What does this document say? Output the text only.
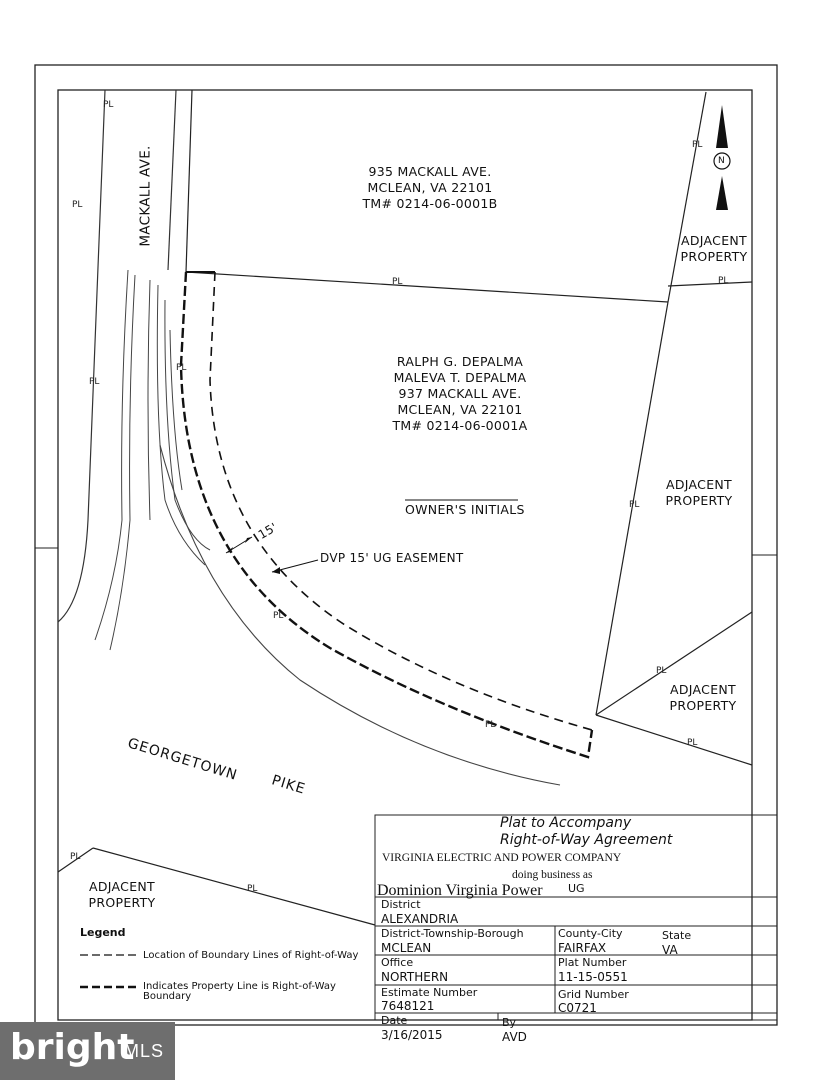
935 MACKALL AVE.
MCLEAN, VA 22101
TM# 0214-06-0001B
RALPH G. DEPALMA
MALEVA T. DEPALMA
937 MACKALL AVE.
MCLEAN, VA 22101
TM# 0214-06-0001A
OWNER'S INITIALS
ADJACENT
PROPERTY
ADJACENT
PROPERTY
ADJACENT
PROPERTY
ADJACENT
PROPERTY
MACKALL AVE.
GEORGETOWN
PIKE
15'
DVP 15' UG EASEMENT
N
PL
PL
PL
PL
PL
PL
PL
PL
PL
PL
PL
PL
PL
PL
Plat to Accompany
Right-of-Way Agreement
VIRGINIA ELECTRIC AND POWER COMPANY
doing business as
Dominion Virginia Power UG
District
ALEXANDRIA
District-Township-Borough
MCLEAN
County-City
FAIRFAX
State
VA
Office
NORTHERN
Plat Number
11-15-0551
Estimate Number
7648121
Grid Number
C0721
Date
3/16/2015
By
AVD
Legend
Location of Boundary Lines of Right-of-Way
Indicates Property Line is Right-of-Way
Boundary
bright
MLS
